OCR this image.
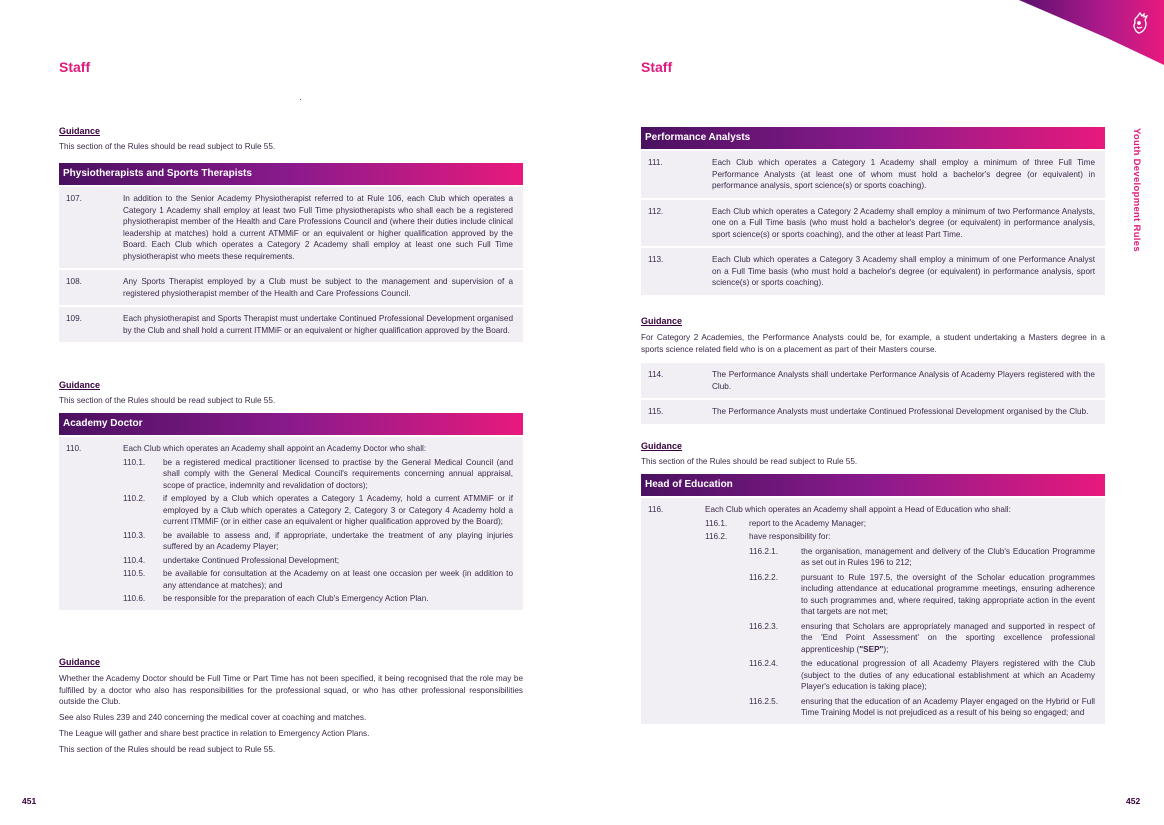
Youth Development Rules
Staff

Guidance

This section of the Rules should be read subject to Rule 55.

Physiotherapists and Sports Therapists
107.	In addition to the Senior Academy Physiotherapist referred to at Rule 106, each Club which operates a Category 1 Academy shall employ at least two Full Time physiotherapists who shall each be a registered physiotherapist member of the Health and Care Professions Council and (where their duties include clinical leadership at matches) hold a current ATMMiF or an equivalent or higher qualification approved by the Board. Each Club which operates a Category 2 Academy shall employ at least one such Full Time physiotherapist who meets these requirements.
108.	Any Sports Therapist employed by a Club must be subject to the management and supervision of a registered physiotherapist member of the Health and Care Professions Council.
109.	Each physiotherapist and Sports Therapist must undertake Continued Professional Development organised by the Club and shall hold a current ITMMiF or an equivalent or higher qualification approved by the Board.

Guidance

This section of the Rules should be read subject to Rule 55.

Academy Doctor
110.	Each Club which operates an Academy shall appoint an Academy Doctor who shall:
110.1.	be a registered medical practitioner licensed to practise by the General Medical Council (and shall comply with the General Medical Council's requirements concerning annual appraisal, scope of practice, indemnity and revalidation of doctors);
110.2.	if employed by a Club which operates a Category 1 Academy, hold a current ATMMiF or if employed by a Club which operates a Category 2, Category 3 or Category 4 Academy hold a current ITMMiF (or in either case an equivalent or higher qualification approved by the Board);
110.3.	be available to assess and, if appropriate, undertake the treatment of any playing injuries suffered by an Academy Player;
110.4.	undertake Continued Professional Development;
110.5.	be available for consultation at the Academy on at least one occasion per week (in addition to any attendance at matches); and
110.6.	be responsible for the preparation of each Club's Emergency Action Plan.

Guidance

Whether the Academy Doctor should be Full Time or Part Time has not been specified, it being recognised that the role may be fulfilled by a doctor who also has responsibilities for the professional squad, or who has other professional responsibilities outside the Club.

See also Rules 239 and 240 concerning the medical cover at coaching and matches.

The League will gather and share best practice in relation to Emergency Action Plans.

This section of the Rules should be read subject to Rule 55.

451
Staff
Performance Analysts
111.	Each Club which operates a Category 1 Academy shall employ a minimum of three Full Time Performance Analysts (at least one of whom must hold a bachelor's degree (or equivalent) in performance analysis, sport science(s) or sports coaching).
112.	Each Club which operates a Category 2 Academy shall employ a minimum of two Performance Analysts, one on a Full Time basis (who must hold a bachelor's degree (or equivalent) in performance analysis, sport science(s) or sports coaching), and the other at least Part Time.
113.	Each Club which operates a Category 3 Academy shall employ a minimum of one Performance Analyst on a Full Time basis (who must hold a bachelor's degree (or equivalent) in performance analysis, sport science(s) or sports coaching).

Guidance

For Category 2 Academies, the Performance Analysts could be, for example, a student undertaking a Masters degree in a sports science related field who is on a placement as part of their Masters course.

114.	The Performance Analysts shall undertake Performance Analysis of Academy Players registered with the Club.
115.	The Performance Analysts must undertake Continued Professional Development organised by the Club.

Guidance

This section of the Rules should be read subject to Rule 55.

Head of Education
116.	Each Club which operates an Academy shall appoint a Head of Education who shall:
116.1.	report to the Academy Manager;
116.2.	have responsibility for:
116.2.1.	the organisation, management and delivery of the Club's Education Programme as set out in Rules 196 to 212;
116.2.2.	pursuant to Rule 197.5, the oversight of the Scholar education programmes including attendance at educational programme meetings, ensuring adherence to such programmes and, where required, taking appropriate action in the event that targets are not met;
116.2.3.	ensuring that Scholars are appropriately managed and supported in respect of the 'End Point Assessment' on the sporting excellence professional apprenticeship ("SEP");
116.2.4.	the educational progression of all Academy Players registered with the Club (subject to the duties of any educational establishment at which an Academy Player's education is taking place);
116.2.5.	ensuring that the education of an Academy Player engaged on the Hybrid or Full Time Training Model is not prejudiced as a result of his being so engaged; and
452
